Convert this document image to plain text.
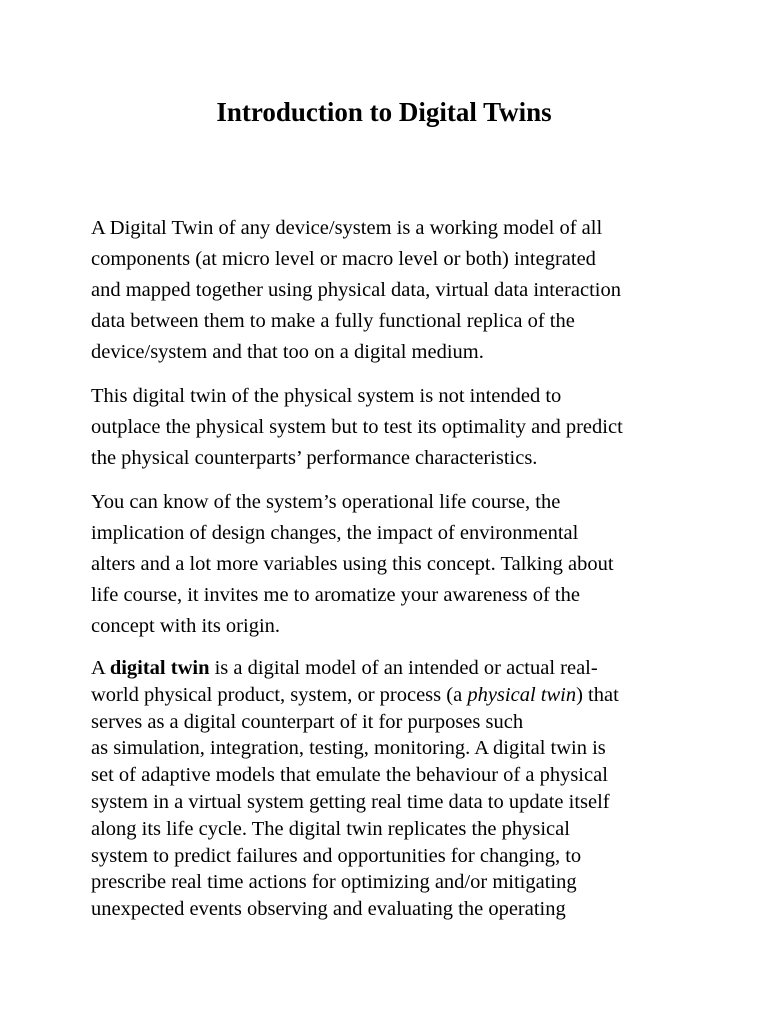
Introduction to Digital Twins

A Digital Twin of any device/system is a working model of all
components (at micro level or macro level or both) integrated
and mapped together using physical data, virtual data interaction
data between them to make a fully functional replica of the
device/system and that too on a digital medium.

This digital twin of the physical system is not intended to
outplace the physical system but to test its optimality and predict
the physical counterparts’ performance characteristics.

You can know of the system’s operational life course, the
implication of design changes, the impact of environmental
alters and a lot more variables using this concept. Talking about
life course, it invites me to aromatize your awareness of the
concept with its origin.

A digital twin is a digital model of an intended or actual real-
world physical product, system, or process (a physical twin) that
serves as a digital counterpart of it for purposes such
as simulation, integration, testing, monitoring. A digital twin is
set of adaptive models that emulate the behaviour of a physical
system in a virtual system getting real time data to update itself
along its life cycle. The digital twin replicates the physical
system to predict failures and opportunities for changing, to
prescribe real time actions for optimizing and/or mitigating
unexpected events observing and evaluating the operating
